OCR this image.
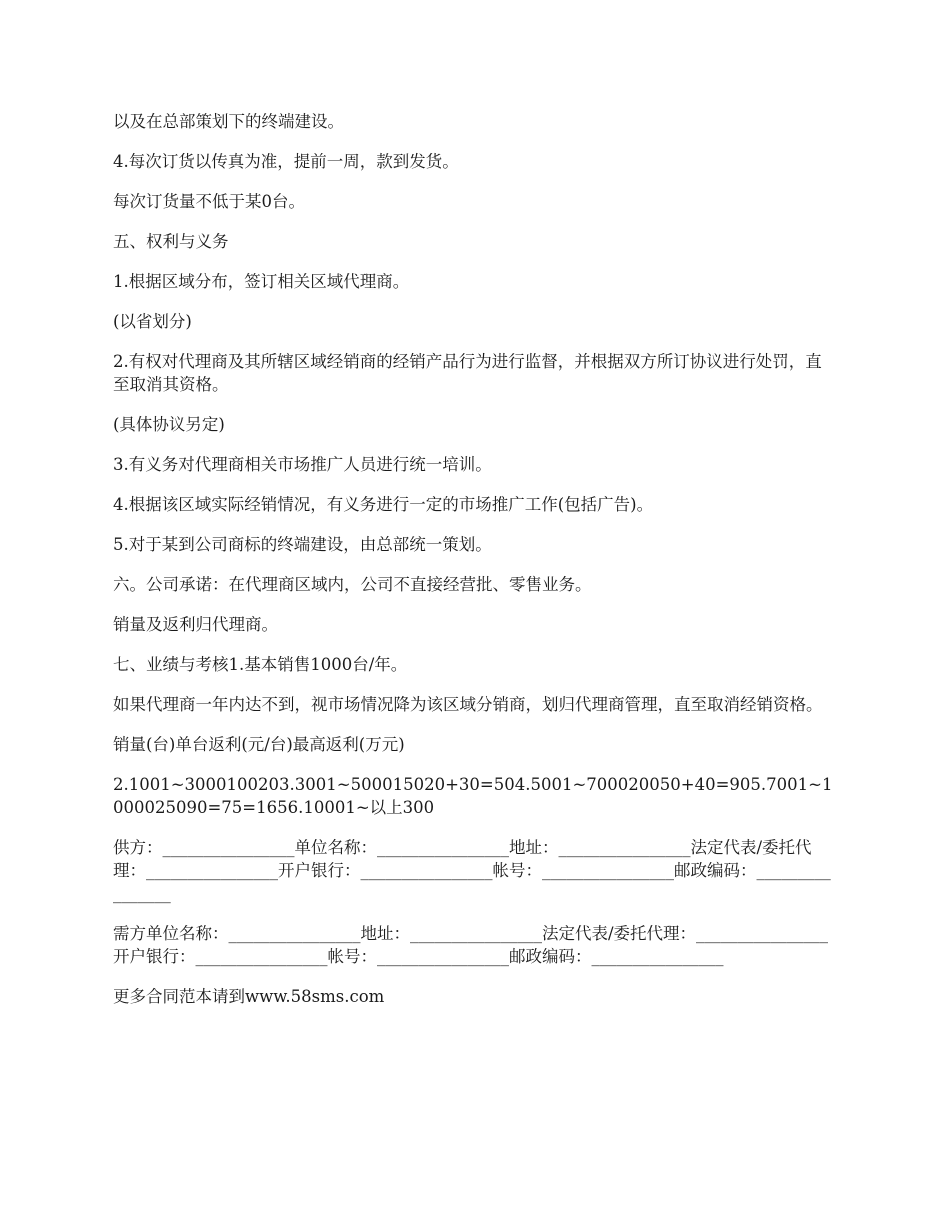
以及在总部策划下的终端建设。

4.每次订货以传真为准，提前一周，款到发货。

每次订货量不低于某0台。

五、权利与义务

1.根据区域分布，签订相关区域代理商。

(以省划分)

2.有权对代理商及其所辖区域经销商的经销产品行为进行监督，并根据双方所订协议进行处罚，直至取消其资格。

(具体协议另定)

3.有义务对代理商相关市场推广人员进行统一培训。

4.根据该区域实际经销情况，有义务进行一定的市场推广工作(包括广告)。

5.对于某到公司商标的终端建设，由总部统一策划。

六。公司承诺：在代理商区域内，公司不直接经营批、零售业务。

销量及返利归代理商。

七、业绩与考核1.基本销售1000台/年。

如果代理商一年内达不到，视市场情况降为该区域分销商，划归代理商管理，直至取消经销资格。

销量(台)单台返利(元/台)最高返利(万元)

2.1001~3000100203.3001~500015020+30=504.5001~700020050+40=905.7001~1000025090=75=1656.10001~以上300

供方：________________单位名称：________________地址：________________法定代表/委托代理：________________开户银行：________________帐号：________________邮政编码：________________

需方单位名称：________________地址：________________法定代表/委托代理：________________开户银行：________________帐号：________________邮政编码：________________

更多合同范本请到www.58sms.com
